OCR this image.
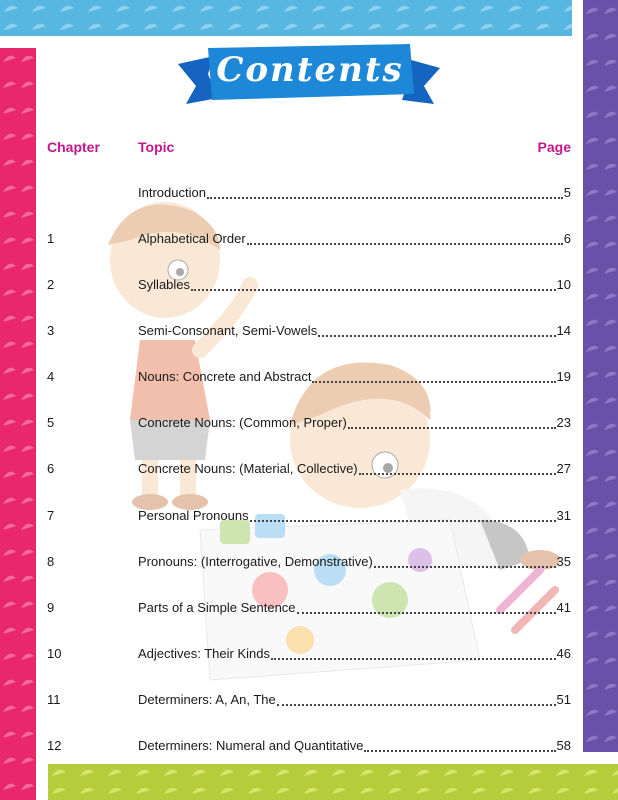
Contents
Chapter	Topic	Page
Introduction	5
1	Alphabetical Order	6
2	Syllables	10
3	Semi-Consonant, Semi-Vowels	14
4	Nouns: Concrete and Abstract	19
5	Concrete Nouns: (Common, Proper)	23
6	Concrete Nouns: (Material, Collective)	27
7	Personal Pronouns	31
8	Pronouns: (Interrogative, Demonstrative)	35
9	Parts of a Simple Sentence	41
10	Adjectives: Their Kinds	46
11	Determiners: A, An, The	51
12	Determiners: Numeral and Quantitative	58
